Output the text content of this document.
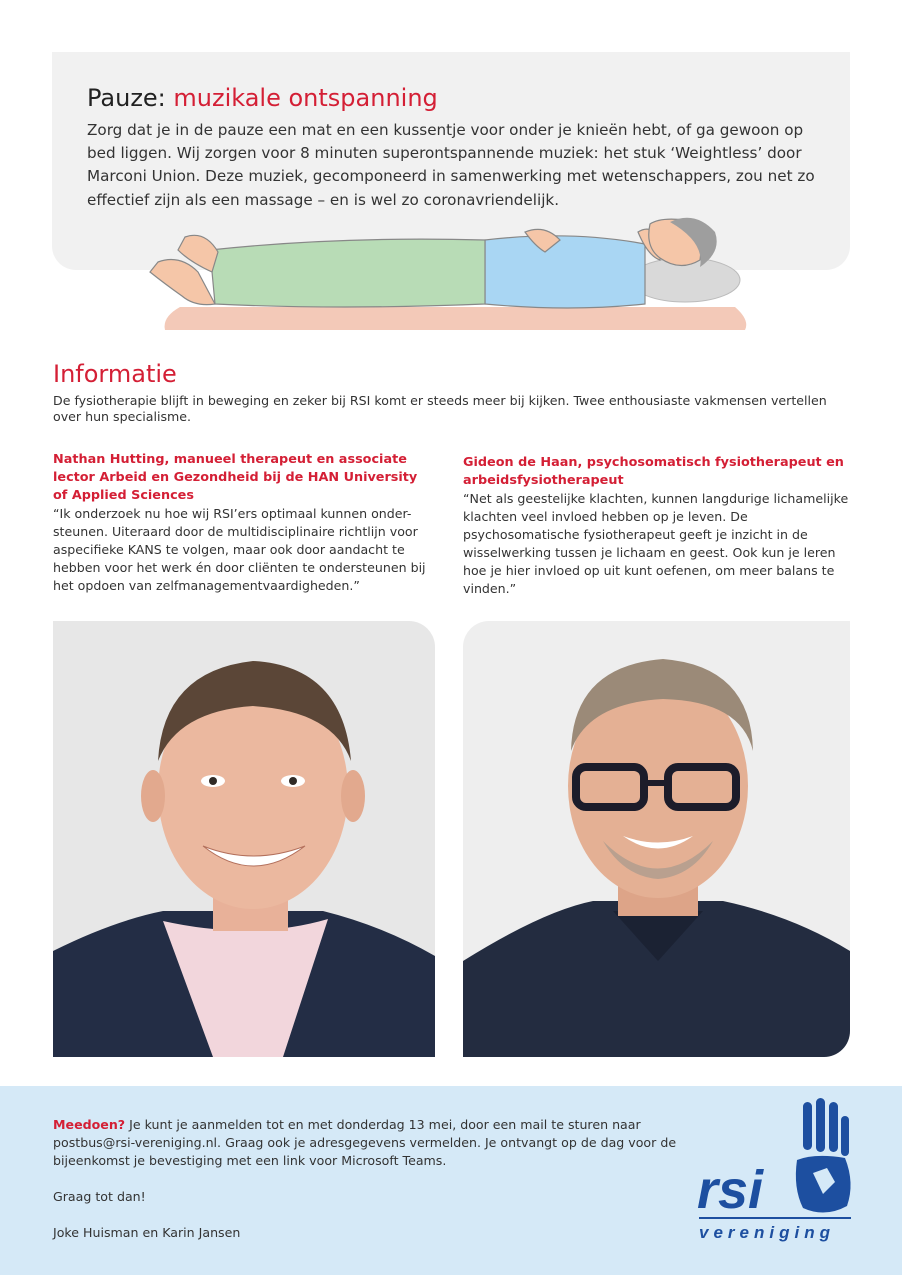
Pauze: muzikale ontspanning

Zorg dat je in de pauze een mat en een kussentje voor onder je knieën hebt, of ga gewoon op bed liggen. Wij zorgen voor 8 minuten superontspannende muziek: het stuk ‘Weightless’ door Marconi Union. Deze muziek, gecomponeerd in samenwerking met wetenschappers, zou net zo effectief zijn als een massage – en is wel zo coronavriendelijk.

Informatie

De fysiotherapie blijft in beweging en zeker bij RSI komt er steeds meer bij kijken. Twee enthousiaste vakmensen vertellen over hun specialisme.

Nathan Hutting, manueel therapeut en associate lector Arbeid en Gezondheid bij de HAN University of Applied Sciences

“Ik onderzoek nu hoe wij RSI’ers optimaal kunnen onder-steunen. Uiteraard door de multidisciplinaire richtlijn voor aspecifieke KANS te volgen, maar ook door aandacht te hebben voor het werk én door cliënten te ondersteunen bij het opdoen van zelfmanagementvaardigheden.”

Gideon de Haan, psychosomatisch fysiotherapeut en arbeidsfysiotherapeut

“Net als geestelijke klachten, kunnen langdurige lichamelijke klachten veel invloed hebben op je leven. De psychosomatische fysiotherapeut geeft je inzicht in de wisselwerking tussen je lichaam en geest. Ook kun je leren hoe je hier invloed op uit kunt oefenen, om meer balans te vinden.”

Meedoen? Je kunt je aanmelden tot en met donderdag 13 mei, door een mail te sturen naar postbus@rsi-vereniging.nl. Graag ook je adresgegevens vermelden. Je ontvangt op de dag voor de bijeenkomst je bevestiging met een link voor Microsoft Teams.

Graag tot dan!

Joke Huisman en Karin Jansen

rsi
vereniging
